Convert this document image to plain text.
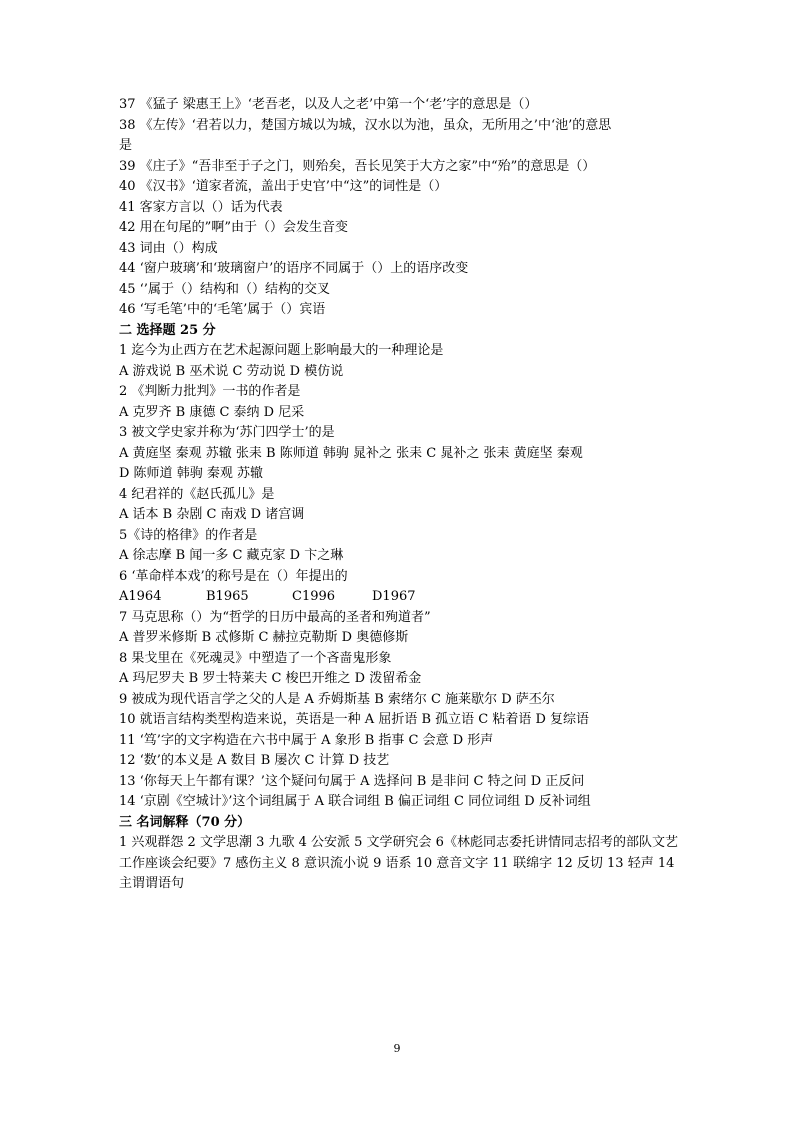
37 《猛子 梁惠王上》‘老吾老，以及人之老’中第一个‘老’字的意思是（）
38 《左传》‘君若以力，楚国方城以为城，汉水以为池，虽众，无所用之’中‘池’的意思
是
39 《庄子》“吾非至于子之门，则殆矣，吾长见笑于大方之家”中“殆”的意思是（）
40 《汉书》‘道家者流，盖出于史官’中“这”的词性是（）
41 客家方言以（）话为代表
42 用在句尾的”啊”由于（）会发生音变
43 词由（）构成
44 ‘窗户玻璃’和‘玻璃窗户’的语序不同属于（）上的语序改变
45 ‘’属于（）结构和（）结构的交叉
46 ‘写毛笔’中的‘毛笔’属于（）宾语
二 选择题 25 分
1 迄今为止西方在艺术起源问题上影响最大的一种理论是
A 游戏说 B 巫术说 C 劳动说 D 模仿说
2 《判断力批判》一书的作者是
A 克罗齐 B 康德 C 泰纳 D 尼采
3 被文学史家并称为‘苏门四学士’的是
A 黄庭坚 秦观 苏辙 张耒 B 陈师道 韩驹 晁补之 张耒 C 晁补之 张耒 黄庭坚 秦观
D 陈师道 韩驹 秦观 苏辙
4 纪君祥的《赵氏孤儿》是
A 话本 B 杂剧 C 南戏 D 诸宫调
5《诗的格律》的作者是
A 徐志摩 B 闻一多 C 藏克家 D 卞之琳
6 ‘革命样本戏’的称号是在（）年提出的
A1964	B1965	C1996	D1967
7 马克思称（）为“哲学的日历中最高的圣者和殉道者”
A 普罗米修斯 B 忒修斯 C 赫拉克勒斯 D 奥德修斯
8 果戈里在《死魂灵》中塑造了一个吝啬鬼形象
A 玛尼罗夫 B 罗士特莱夫 C 梭巴开维之 D 泼留希金
9 被成为现代语言学之父的人是 A 乔姆斯基 B 索绪尔 C 施莱歇尔 D 萨丕尔
10 就语言结构类型构造来说，英语是一种 A 屈折语 B 孤立语 C 粘着语 D 复综语
11 ‘笃’字的文字构造在六书中属于 A 象形 B 指事 C 会意 D 形声
12 ‘数’的本义是 A 数目 B 屡次 C 计算 D 技艺
13 ‘你每天上午都有课？’这个疑问句属于 A 选择问 B 是非问 C 特之问 D 正反问
14 ‘京剧《空城计》’这个词组属于 A 联合词组 B 偏正词组 C 同位词组 D 反补词组
三 名词解释（70 分）
1 兴观群怨 2 文学思潮 3 九歌 4 公安派 5 文学研究会 6《林彪同志委托讲情同志招考的部队文艺工作座谈会纪要》7 感伤主义 8 意识流小说 9 语系 10 意音文字 11 联绵字 12 反切 13 轻声 14 主谓谓语句
9
